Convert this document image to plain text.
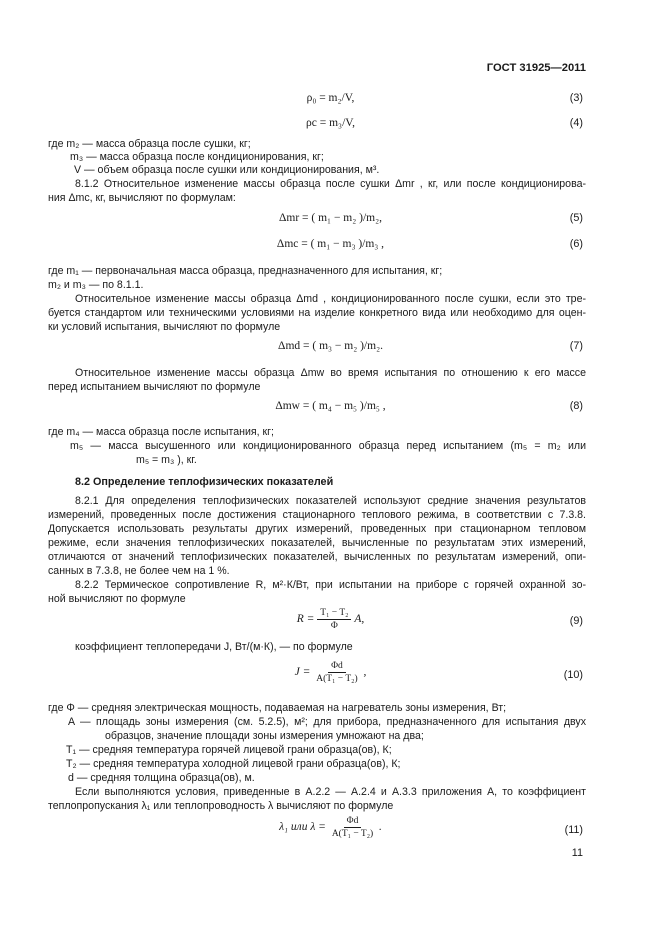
ГОСТ 31925—2011
ρ₀ = m₂/V,	(3)
ρc = m₃/V,	(4)
где m₂ — масса образца после сушки, кг;
m₃ — масса образца после кондиционирования, кг;
V — объем образца после сушки или кондиционирования, м³.
8.1.2 Относительное изменение массы образца после сушки Δmr , кг, или после кондиционирова-
ния Δmc, кг, вычисляют по формулам:
Δmr = ( m₁ − m₂ )/m₂,	(5)
Δmc = ( m₁ − m₃ )/m₃ ,	(6)
где m₁ — первоначальная масса образца, предназначенного для испытания, кг;
m₂ и m₃ — по 8.1.1.
Относительное изменение массы образца Δmd , кондиционированного после сушки, если это тре-
буется стандартом или техническими условиями на изделие конкретного вида или необходимо для оцен-
ки условий испытания, вычисляют по формуле
Δmd = ( m₃ − m₂ )/m₂.	(7)
Относительное изменение массы образца Δmw во время испытания по отношению к его массе
перед испытанием вычисляют по формуле
Δmw = ( m₄ − m₅ )/m₅ ,	(8)
где m₄ — масса образца после испытания, кг;
m₅ — масса высушенного или кондиционированного образца перед испытанием (m₅ = m₂ или
m₅ = m₃ ), кг.
8.2 Определение теплофизических показателей
8.2.1 Для определения теплофизических показателей используют средние значения результатов
измерений, проведенных после достижения стационарного теплового режима, в соответствии с 7.3.8.
Допускается использовать результаты других измерений, проведенных при стационарном тепловом
режиме, если значения теплофизических показателей, вычисленные по результатам этих измерений,
отличаются от значений теплофизических показателей, вычисленных по результатам измерений, опи-
санных в 7.3.8, не более чем на 1 %.
8.2.2 Термическое сопротивление R, м²·К/Вт, при испытании на приборе с горячей охранной зо-
ной вычисляют по формуле
$R = \frac{\text{T₁ − T₂}}{\Phi} A$,	(9)
коэффициент теплопередачи J, Вт/(м·К), — по формуле
$J = \frac{\Phi d}{\text{A(T₁ − T₂)}}$ ,	(10)
где Φ — средняя электрическая мощность, подаваемая на нагреватель зоны измерения, Вт;
A — площадь зоны измерения (см. 5.2.5), м²; для прибора, предназначенного для испытания двух
образцов, значение площади зоны измерения умножают на два;
T₁ — средняя температура горячей лицевой грани образца(ов), К;
T₂ — средняя температура холодной лицевой грани образца(ов), К;
d — средняя толщина образца(ов), м.
Если выполняются условия, приведенные в А.2.2 — А.2.4 и А.3.3 приложения А, то коэффициент
теплопропускания λ₁ или теплопроводность λ вычисляют по формуле
λ₁ или $\lambda = \frac{\Phi d}{\text{A(T₁ − T₂)}}$ .	(11)
11
